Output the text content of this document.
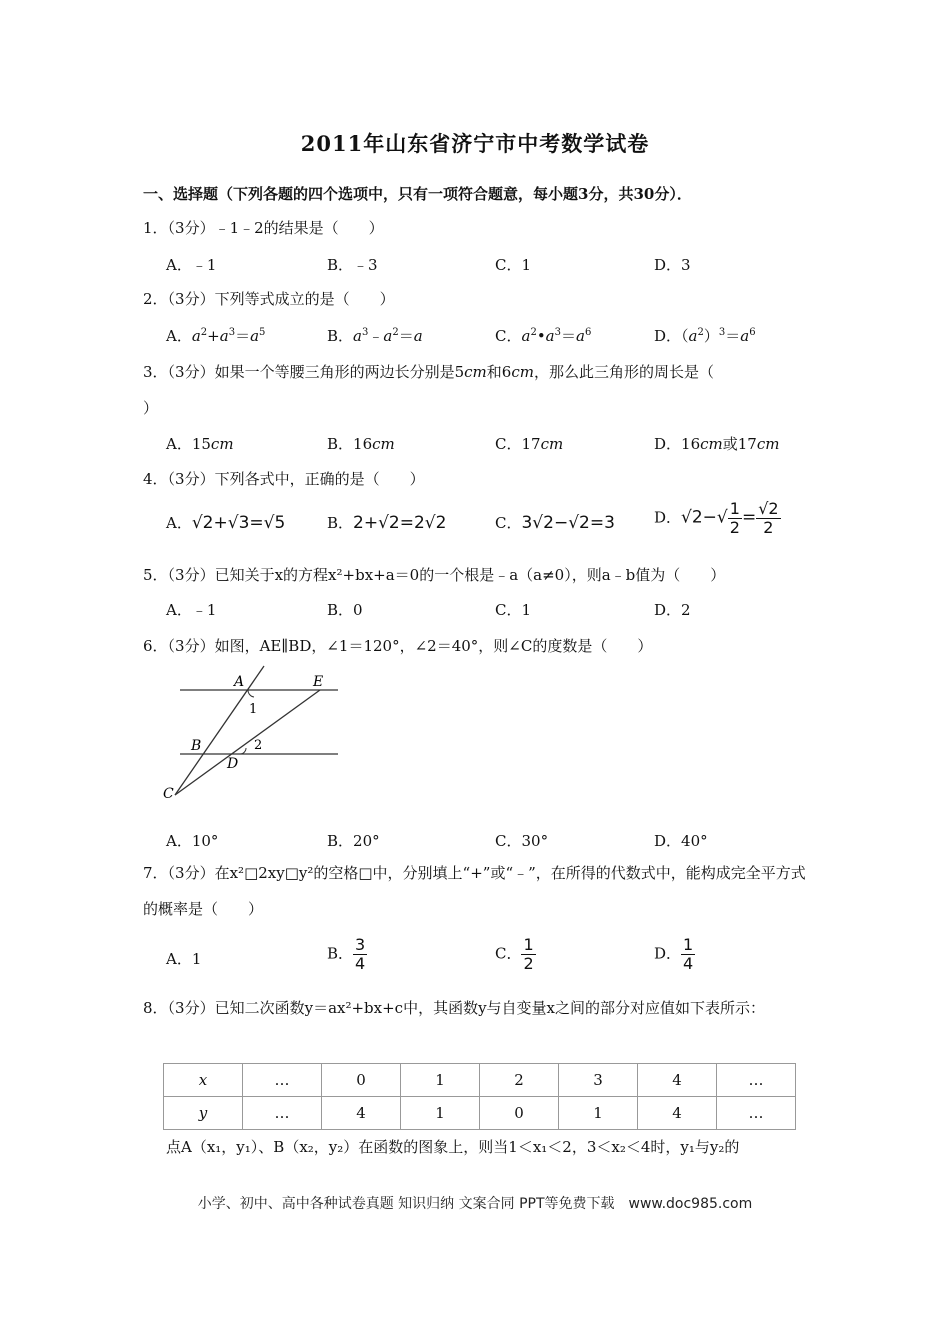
2011年山东省济宁市中考数学试卷
一、选择题（下列各题的四个选项中，只有一项符合题意，每小题3分，共30分）．
1．（3分）﹣1﹣2的结果是（　　）
A．﹣1	B．﹣3	C．1	D．3
2．（3分）下列等式成立的是（　　）
A．$a^2+a^3=a^5$	B．$a^3﹣a^2=a$	C．$a^2•a^3=a^6$	D．$(a^2)^3=a^6$
3．（3分）如果一个等腰三角形的两边长分别是5cm和6cm，那么此三角形的周长是（
）
A．15cm	B．16cm	C．17cm	D．16cm或17cm
4．（3分）下列各式中，正确的是（　　）
A．√2+√3=√5	B．2+√2=2√2	C．3√2−√2=3	D．$√2-√ \frac{1}{2} = \frac{√2}{2}$
5．（3分）已知关于x的方程x²+bx+a＝0的一个根是﹣a（a≠0），则a﹣b值为（　　）
A．﹣1	B．0	C．1	D．2
6．（3分）如图，AE∥BD，∠1＝120°，∠2＝40°，则∠C的度数是（　　）
A	E
B
D
C
1
2
A．10°	B．20°	C．30°	D．40°
7．（3分）在x²□2xy□y²的空格□中，分别填上“+”或“﹣”，在所得的代数式中，能构成完全平方式的概率是（　　）
A．1	B． $\frac{3}{4}$	C． $\frac{1}{2}$	D． $\frac{1}{4}$
8．（3分）已知二次函数y＝ax²+bx+c中，其函数y与自变量x之间的部分对应值如下表所示：
x	…	0	1	2	3	4	…
y	…	4	1	0	1	4	…
点A（x₁，y₁）、B（x₂，y₂）在函数的图象上，则当1＜x₁＜2，3＜x₂＜4时，y₁与y₂的
小学、初中、高中各种试卷真题 知识归纳 文案合同 PPT等免费下载　www.doc985.com
